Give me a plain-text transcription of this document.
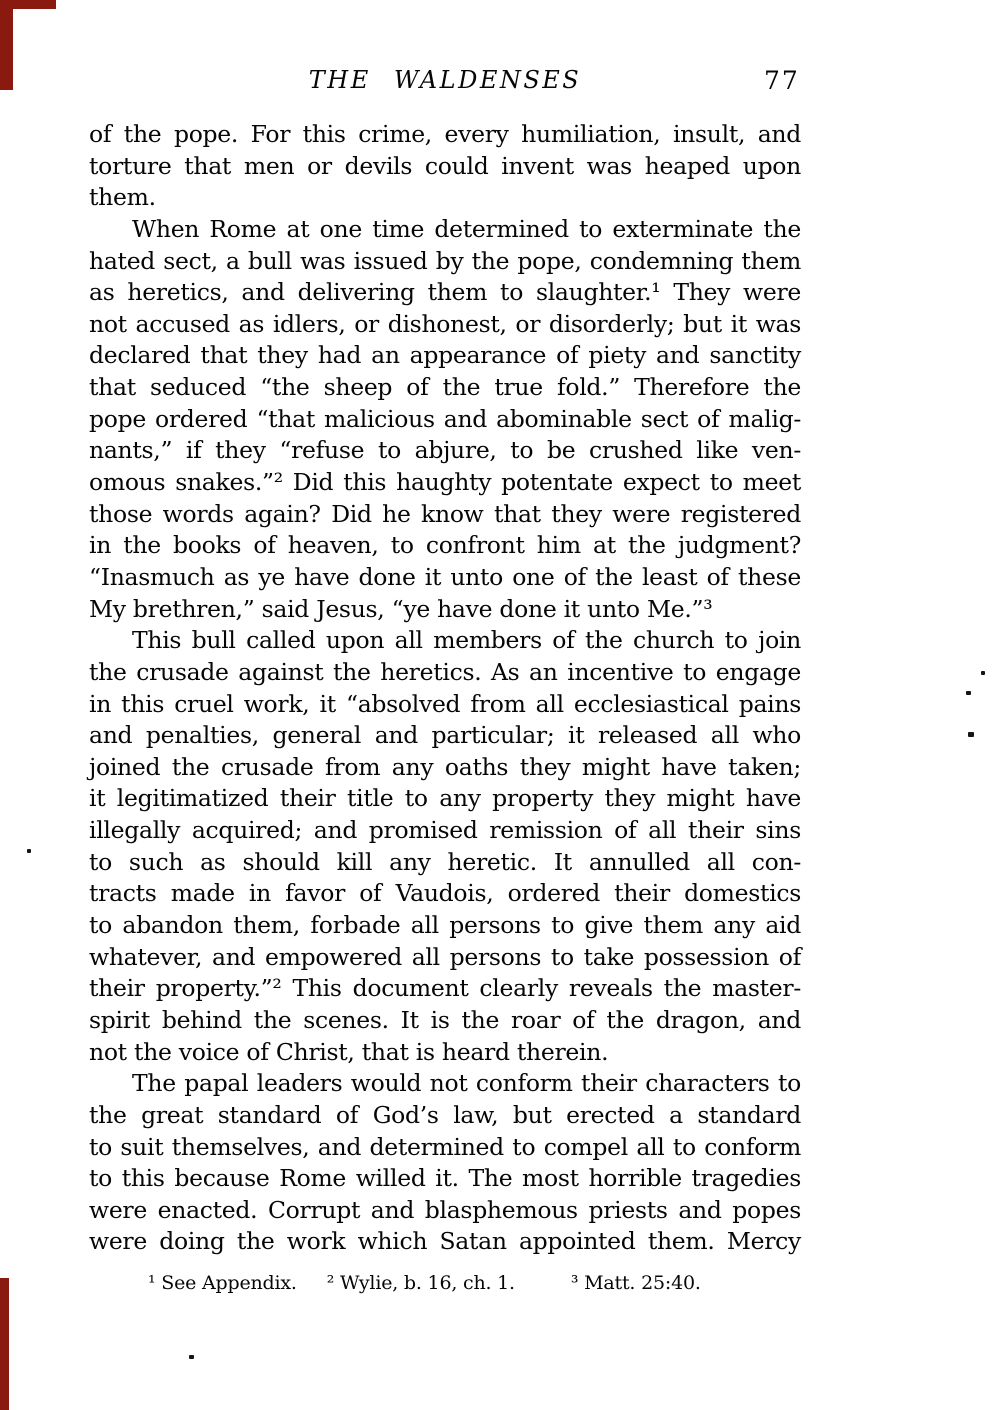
THE WALDENSES	77
of the pope. For this crime, every humiliation, insult, and
torture that men or devils could invent was heaped upon
them.
When Rome at one time determined to exterminate the
hated sect, a bull was issued by the pope, condemning them
as heretics, and delivering them to slaughter.¹ They were
not accused as idlers, or dishonest, or disorderly; but it was
declared that they had an appearance of piety and sanctity
that seduced “the sheep of the true fold.” Therefore the
pope ordered “that malicious and abominable sect of malig-
nants,” if they “refuse to abjure, to be crushed like ven-
omous snakes.”² Did this haughty potentate expect to meet
those words again? Did he know that they were registered
in the books of heaven, to confront him at the judgment?
“Inasmuch as ye have done it unto one of the least of these
My brethren,” said Jesus, “ye have done it unto Me.”³
This bull called upon all members of the church to join
the crusade against the heretics. As an incentive to engage
in this cruel work, it “absolved from all ecclesiastical pains
and penalties, general and particular; it released all who
joined the crusade from any oaths they might have taken;
it legitimatized their title to any property they might have
illegally acquired; and promised remission of all their sins
to such as should kill any heretic. It annulled all con-
tracts made in favor of Vaudois, ordered their domestics
to abandon them, forbade all persons to give them any aid
whatever, and empowered all persons to take possession of
their property.”² This document clearly reveals the master-
spirit behind the scenes. It is the roar of the dragon, and
not the voice of Christ, that is heard therein.
The papal leaders would not conform their characters to
the great standard of God’s law, but erected a standard
to suit themselves, and determined to compel all to conform
to this because Rome willed it. The most horrible tragedies
were enacted. Corrupt and blasphemous priests and popes
were doing the work which Satan appointed them. Mercy
¹ See Appendix. ² Wylie, b. 16, ch. 1.	³ Matt. 25:40.
